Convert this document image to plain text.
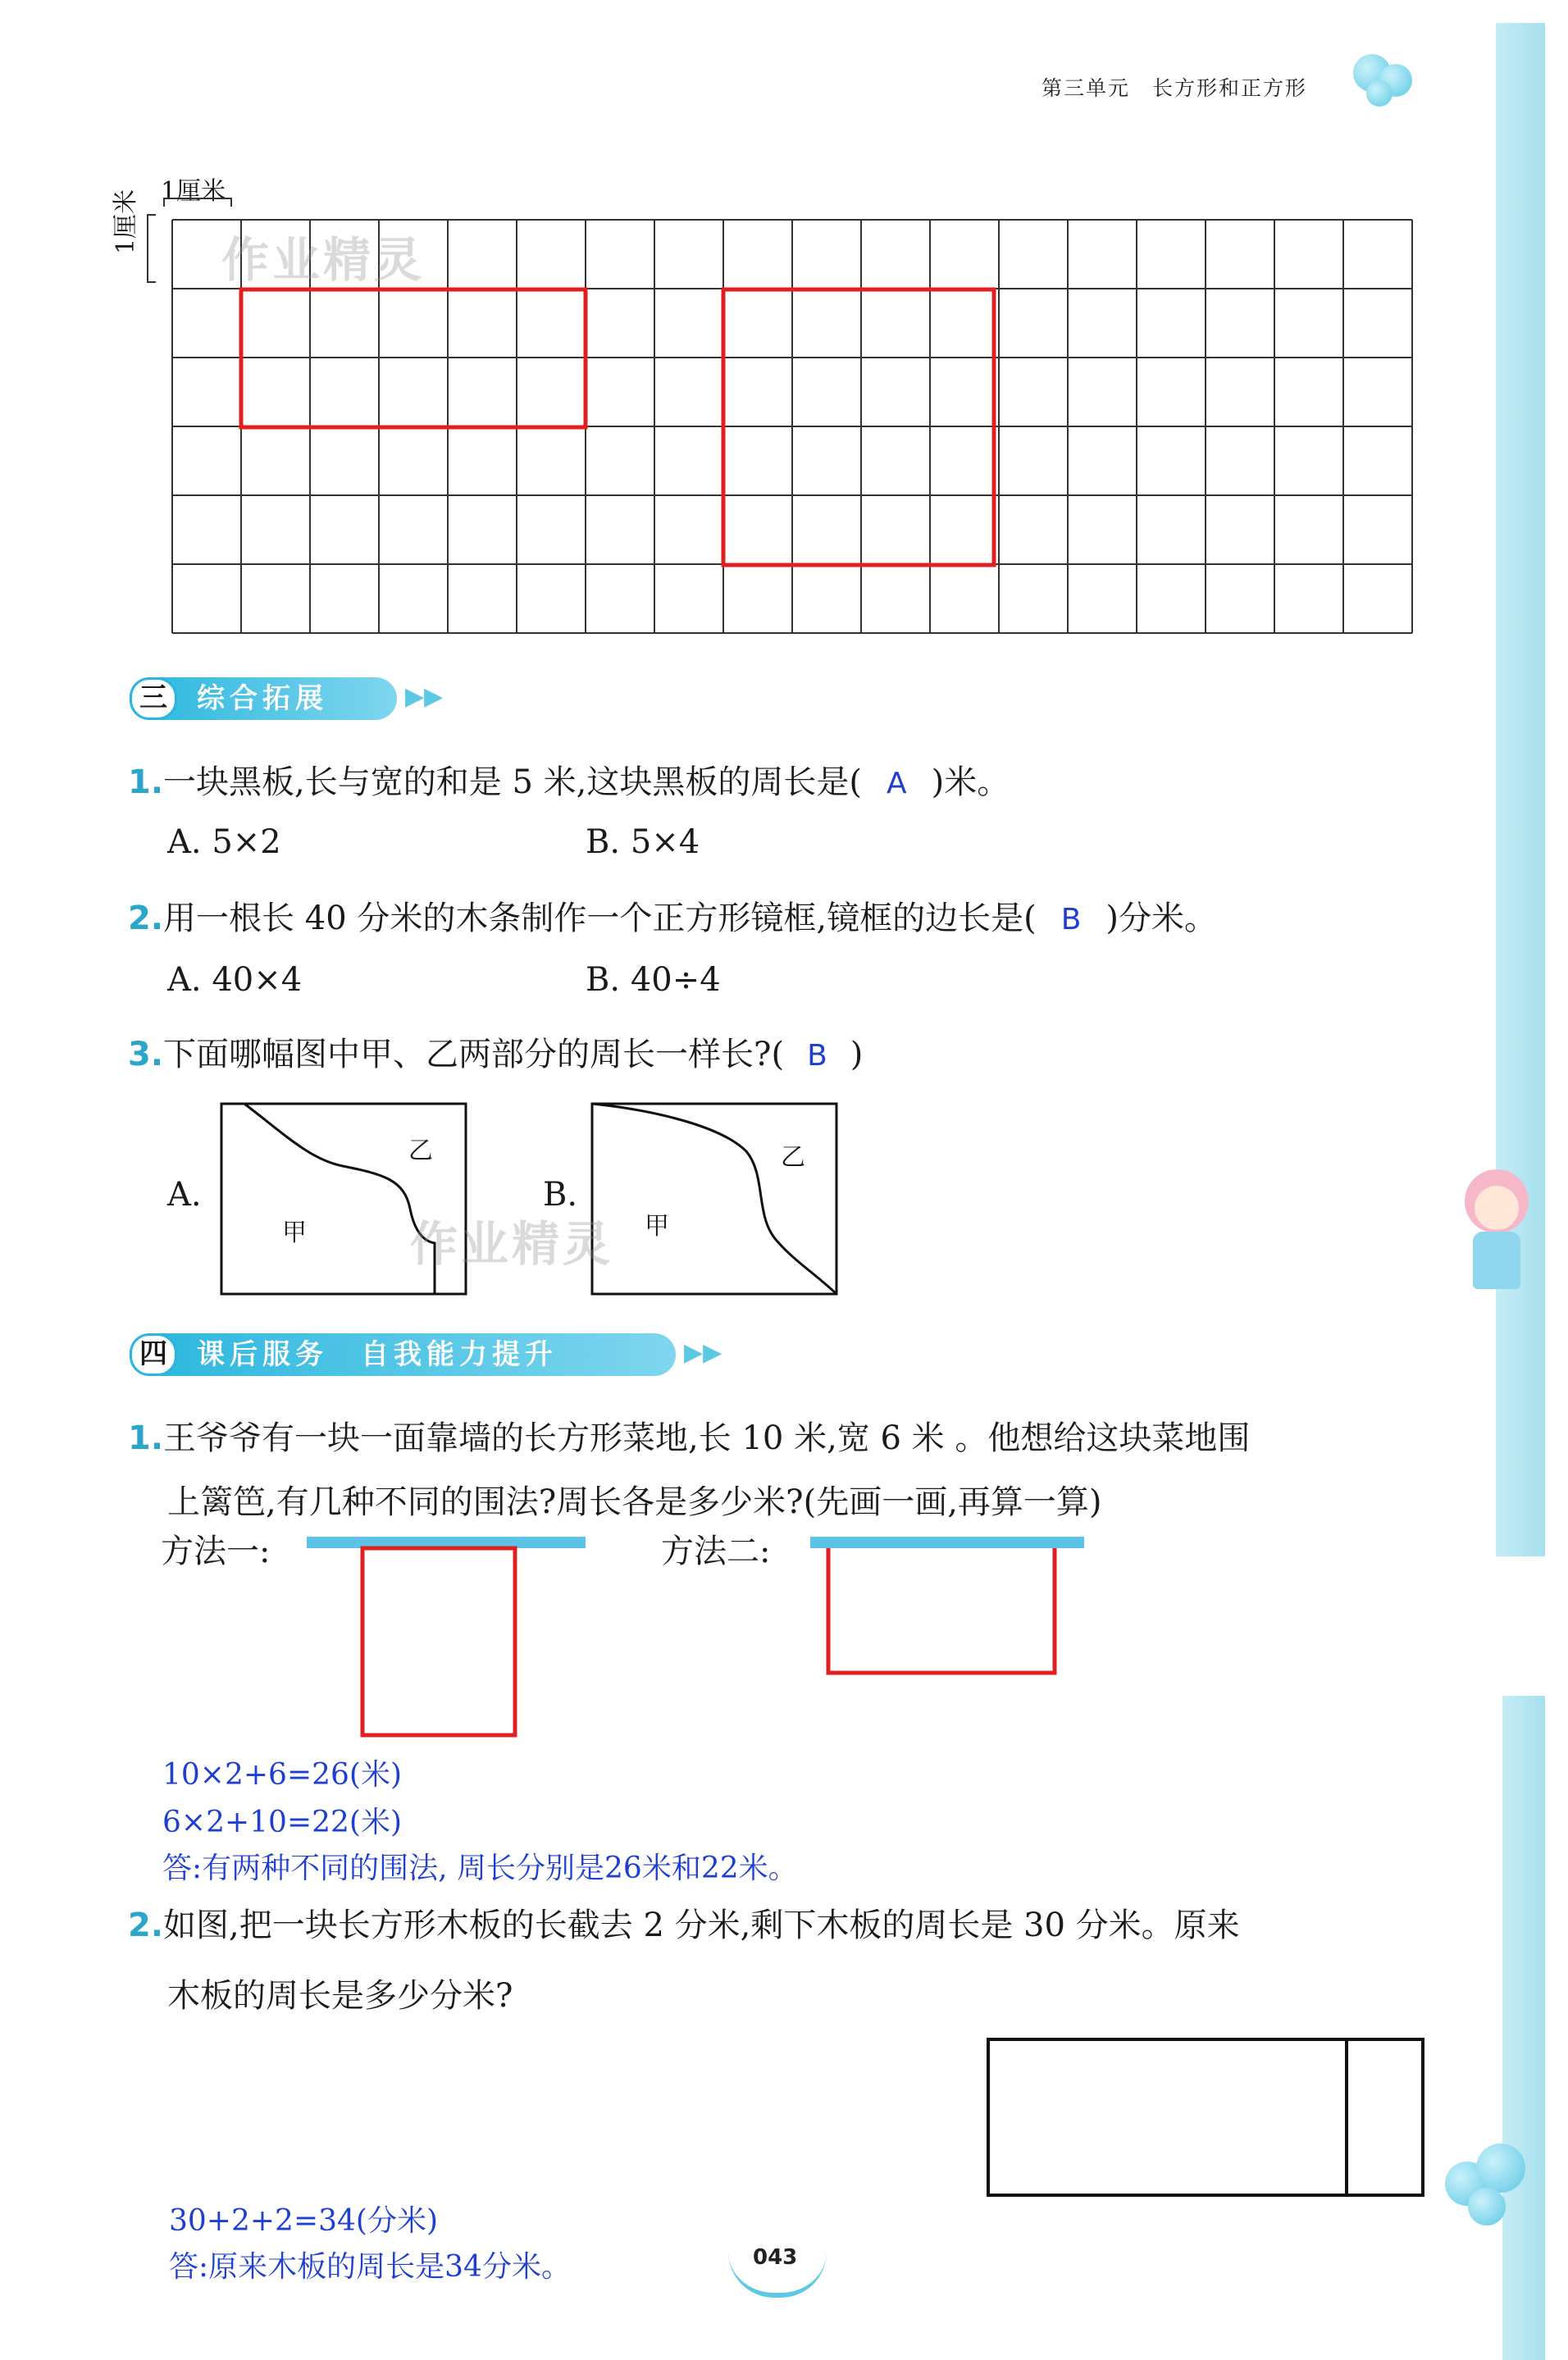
第三单元　长方形和正方形
1厘米
1厘米
作业精灵
三	综合拓展	▶▶
1.一块黑板,长与宽的和是 5 米,这块黑板的周长是( A )米。
A. 5×2	B. 5×4
2.用一根长 40 分米的木条制作一个正方形镜框,镜框的边长是( B )分米。
A. 40×4	B. 40÷4
3.下面哪幅图中甲、乙两部分的周长一样长?( B )
A.
甲
乙
B.
甲
乙
作业精灵
四	课后服务　自我能力提升	▶▶
1.王爷爷有一块一面靠墙的长方形菜地,长 10 米,宽 6 米 。他想给这块菜地围
上篱笆,有几种不同的围法?周长各是多少米?(先画一画,再算一算)
方法一:	方法二:
10×2+6=26(米)
6×2+10=22(米)
答:有两种不同的围法, 周长分别是26米和22米。
2.如图,把一块长方形木板的长截去 2 分米,剩下木板的周长是 30 分米。原来
木板的周长是多少分米?
30+2+2=34(分米)
答:原来木板的周长是34分米。	043
